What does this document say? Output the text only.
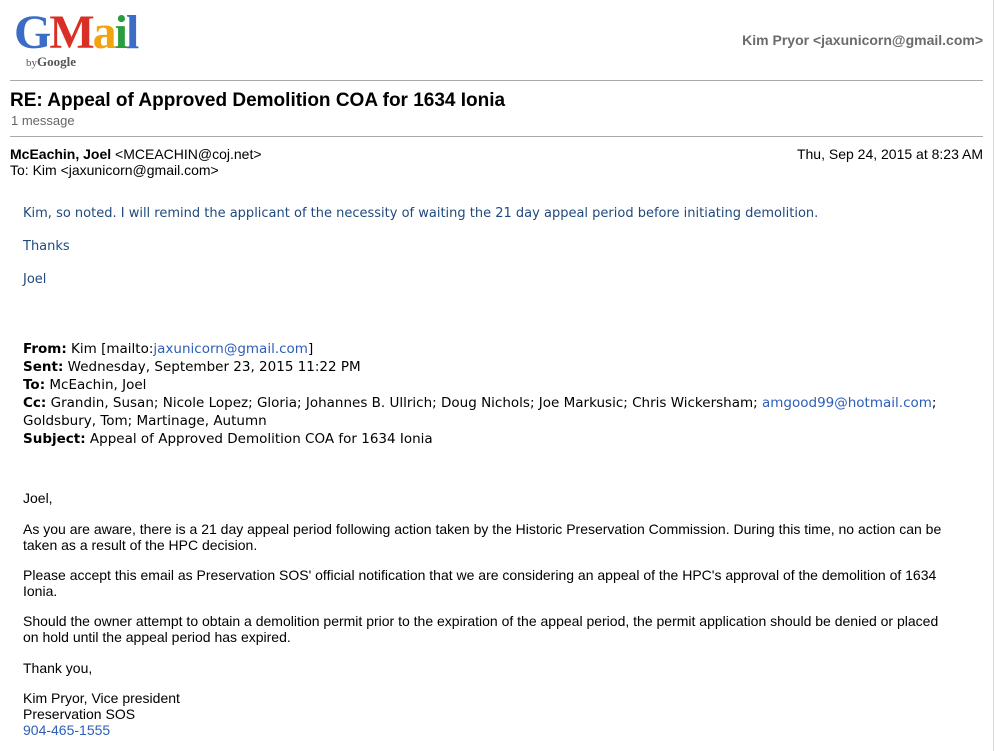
GMail
byGoogle
Kim Pryor <jaxunicorn@gmail.com>
RE: Appeal of Approved Demolition COA for 1634 Ionia
1 message
McEachin, Joel <MCEACHIN@coj.net>	Thu, Sep 24, 2015 at 8:23 AM
To: Kim <jaxunicorn@gmail.com>
Kim, so noted. I will remind the applicant of the necessity of waiting the 21 day appeal period before initiating demolition.
Thanks
Joel
From: Kim [mailto:jaxunicorn@gmail.com]
Sent: Wednesday, September 23, 2015 11:22 PM
To: McEachin, Joel
Cc: Grandin, Susan; Nicole Lopez; Gloria; Johannes B. Ullrich; Doug Nichols; Joe Markusic; Chris Wickersham; amgood99@hotmail.com;
Goldsbury, Tom; Martinage, Autumn
Subject: Appeal of Approved Demolition COA for 1634 Ionia
Joel,
As you are aware, there is a 21 day appeal period following action taken by the Historic Preservation Commission. During this time, no action can be
taken as a result of the HPC decision.
Please accept this email as Preservation SOS' official notification that we are considering an appeal of the HPC's approval of the demolition of 1634
Ionia.
Should the owner attempt to obtain a demolition permit prior to the expiration of the appeal period, the permit application should be denied or placed
on hold until the appeal period has expired.
Thank you,
Kim Pryor, Vice president
Preservation SOS
904-465-1555
